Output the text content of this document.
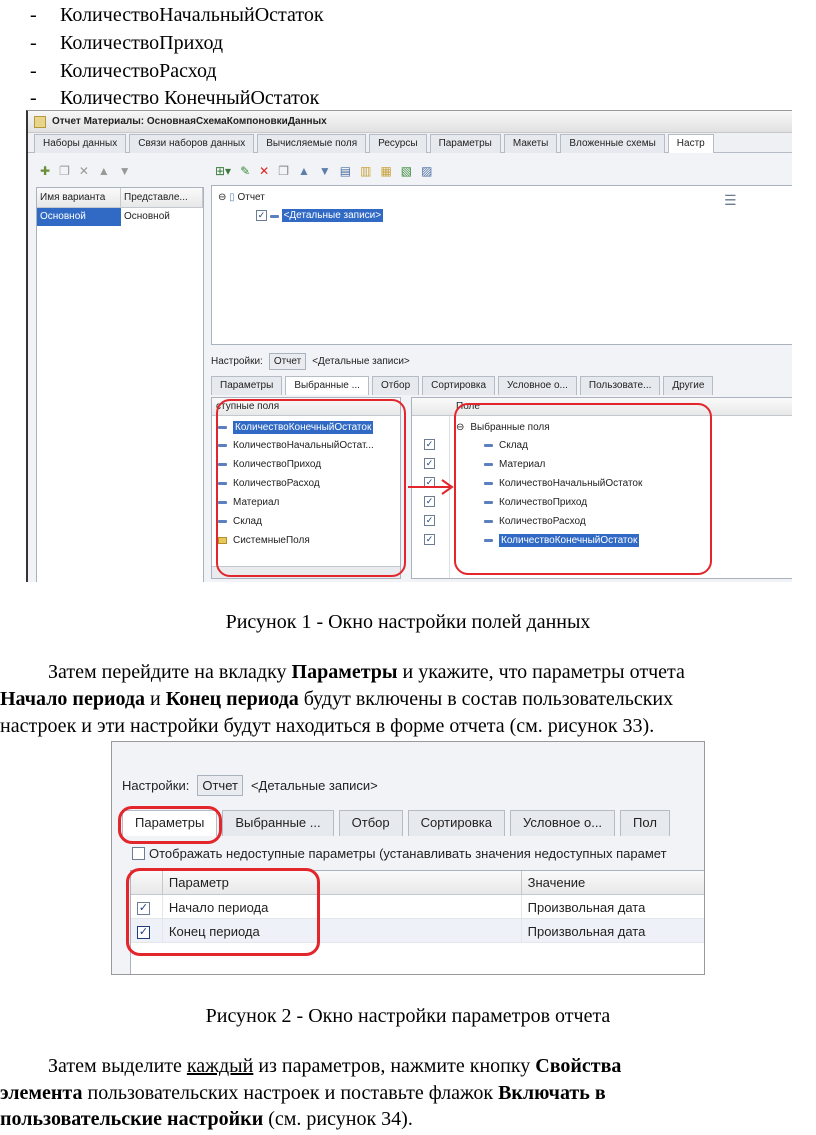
- КоличествоНачальныйОстаток
- КоличествоПриход
- КоличествоРасход
- Количество КонечныйОстаток
Отчет Материалы: ОсновнаяСхемаКомпоновкиДанных
Наборы данных	Связи наборов данных	Вычисляемые поля	Ресурсы	Параметры	Макеты	Вложенные схемы	Настр
✚ ❐ ✕ ▲ ▼
Имя варианта	Представле...
Основной	Основной
⊞▾ ✎ ✕ ❐ ▲ ▼ ▤ ▥ ▦ ▧ ▨
⊖ ▯ Отчет
✓ <Детальные записи>
☰
Настройки:	Отчет	<Детальные записи>
Параметры	Выбранные ...	Отбор	Сортировка	Условное о...	Пользовате...	Другие
ступные поля
КоличествоКонечныйОстаток
КоличествоНачальныйОстат...
КоличествоПриход
КоличествоРасход
Материал
Склад
СистемныеПоля
Поле
⊖ Выбранные поля
✓	Склад
✓	Материал
✓	КоличествоНачальныйОстаток
✓	КоличествоПриход
✓	КоличествоРасход
✓	КоличествоКонечныйОстаток
Рисунок 1 - Окно настройки полей данных
Затем перейдите на вкладку Параметры и укажите, что параметры отчета
Начало периода и Конец периода будут включены в состав пользовательских
настроек и эти настройки будут находиться в форме отчета (см. рисунок 33).
Настройки:	Отчет	<Детальные записи>
Параметры	Выбранные ...	Отбор	Сортировка	Условное о...	Пол
Отображать недоступные параметры (устанавливать значения недоступных парамет
Параметр	Значение
✓	Начало периода	Произвольная дата
✓	Конец периода	Произвольная дата
Рисунок 2 - Окно настройки параметров отчета
Затем выделите каждый из параметров, нажмите кнопку Свойства
элемента пользовательских настроек и поставьте флажок Включать в
пользовательские настройки (см. рисунок 34).
